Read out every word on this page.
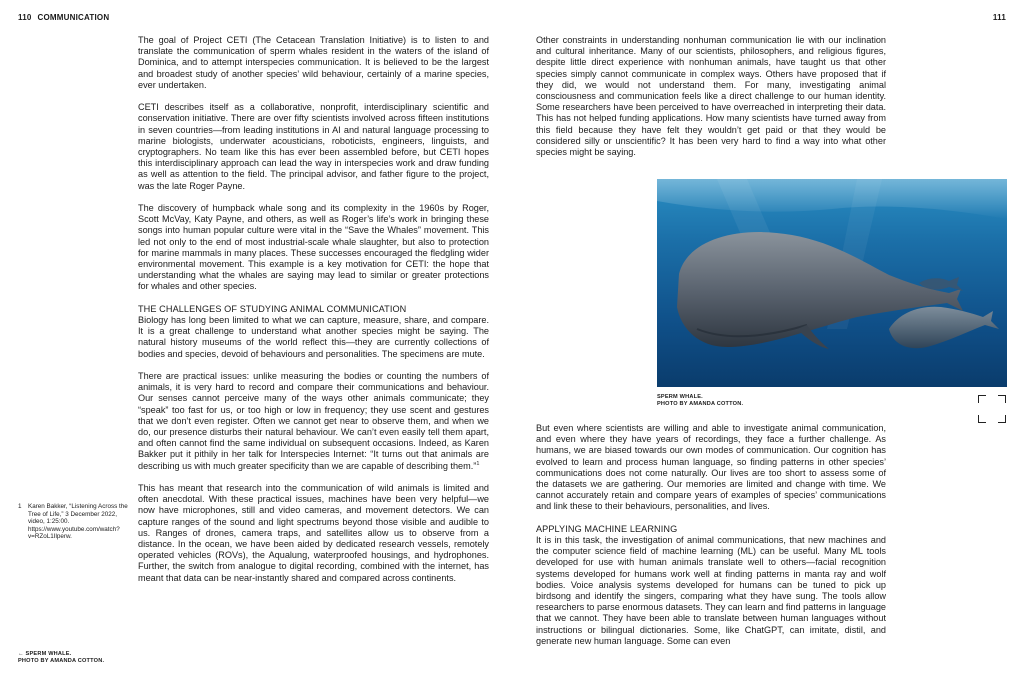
110 COMMUNICATION	111

The goal of Project CETI (The Cetacean Translation Initiative) is to listen to and translate the communication of sperm whales resident in the waters of the island of Dominica, and to attempt interspecies communication. It is believed to be the largest and broadest study of another species’ wild behaviour, certainly of a marine species, ever undertaken.

CETI describes itself as a collaborative, nonprofit, interdisciplinary scientific and conservation initiative. There are over fifty scientists involved across fifteen institutions in seven countries—from leading institutions in AI and natural language processing to marine biologists, underwater acousticians, roboticists, engineers, linguists, and cryptographers. No team like this has ever been assembled before, but CETI hopes this interdisciplinary approach can lead the way in interspecies work and draw funding as well as attention to the field. The principal advisor, and father figure to the project, was the late Roger Payne.

The discovery of humpback whale song and its complexity in the 1960s by Roger, Scott McVay, Katy Payne, and others, as well as Roger’s life’s work in bringing these songs into human popular culture were vital in the “Save the Whales” movement. This led not only to the end of most industrial-scale whale slaughter, but also to protection for marine mammals in many places. These successes encouraged the fledgling wider environmental movement. This example is a key motivation for CETI: the hope that understanding what the whales are saying may lead to similar or greater protections for whales and other species.

THE CHALLENGES OF STUDYING ANIMAL COMMUNICATION

Biology has long been limited to what we can capture, measure, share, and compare. It is a great challenge to understand what another species might be saying. The natural history museums of the world reflect this—they are currently collections of bodies and species, devoid of behaviours and personalities. The specimens are mute.

There are practical issues: unlike measuring the bodies or counting the numbers of animals, it is very hard to record and compare their communications and behaviour. Our senses cannot perceive many of the ways other animals communicate; they “speak” too fast for us, or too high or low in frequency; they use scent and gestures that we don’t even register. Often we cannot get near to observe them, and when we do, our presence disturbs their natural behaviour. We can’t even easily tell them apart, and often cannot find the same individual on subsequent occasions. Indeed, as Karen Bakker put it pithily in her talk for Interspecies Internet: “It turns out that animals are describing us with much greater specificity than we are capable of describing them.”$^1$

This has meant that research into the communication of wild animals is limited and often anecdotal. With these practical issues, machines have been very helpful—we now have microphones, still and video cameras, and movement detectors. We can capture ranges of the sound and light spectrums beyond those visible and audible to us. Ranges of drones, camera traps, and satellites allow us to observe from a distance. In the ocean, we have been aided by dedicated research vessels, remotely operated vehicles (ROVs), the Aqualung, waterproofed housings, and hydrophones. Further, the switch from analogue to digital recording, combined with the internet, has meant that data can be near-instantly shared and compared across continents.

1 Karen Bakker, “Listening Across the Tree of Life,” 3 December 2022, video, 1:25:00. https://www.youtube.com/watch?v=RZoL1Ilperw.
← SPERM WHALE.
PHOTO BY AMANDA COTTON.

Other constraints in understanding nonhuman communication lie with our inclination and cultural inheritance. Many of our scientists, philosophers, and religious figures, despite little direct experience with nonhuman animals, have taught us that other species simply cannot communicate in complex ways. Others have proposed that if they did, we would not understand them. For many, investigating animal consciousness and communication feels like a direct challenge to our human identity. Some researchers have been perceived to have overreached in interpreting their data. This has not helped funding applications. How many scientists have turned away from this field because they have felt they wouldn’t get paid or that they would be considered silly or unscientific? It has been very hard to find a way into what other species might be saying.

SPERM WHALE.
PHOTO BY AMANDA COTTON.

But even where scientists are willing and able to investigate animal communication, and even where they have years of recordings, they face a further challenge. As humans, we are biased towards our own modes of communication. Our cognition has evolved to learn and process human language, so finding patterns in other species’ communications does not come naturally. Our lives are too short to assess some of the datasets we are gathering. Our memories are limited and change with time. We cannot accurately retain and compare years of examples of species’ communications and link these to their behaviours, personalities, and lives.

APPLYING MACHINE LEARNING

It is in this task, the investigation of animal communications, that new machines and the computer science field of machine learning (ML) can be useful. Many ML tools developed for use with human animals translate well to others—facial recognition systems developed for humans work well at finding patterns in manta ray and wolf bodies. Voice analysis systems developed for humans can be tuned to pick up birdsong and identify the singers, comparing what they have sung. The tools allow researchers to parse enormous datasets. They can learn and find patterns in language that we cannot. They have been able to translate between human languages without instructions or bilingual dictionaries. Some, like ChatGPT, can imitate, distil, and generate new human language. Some can even
